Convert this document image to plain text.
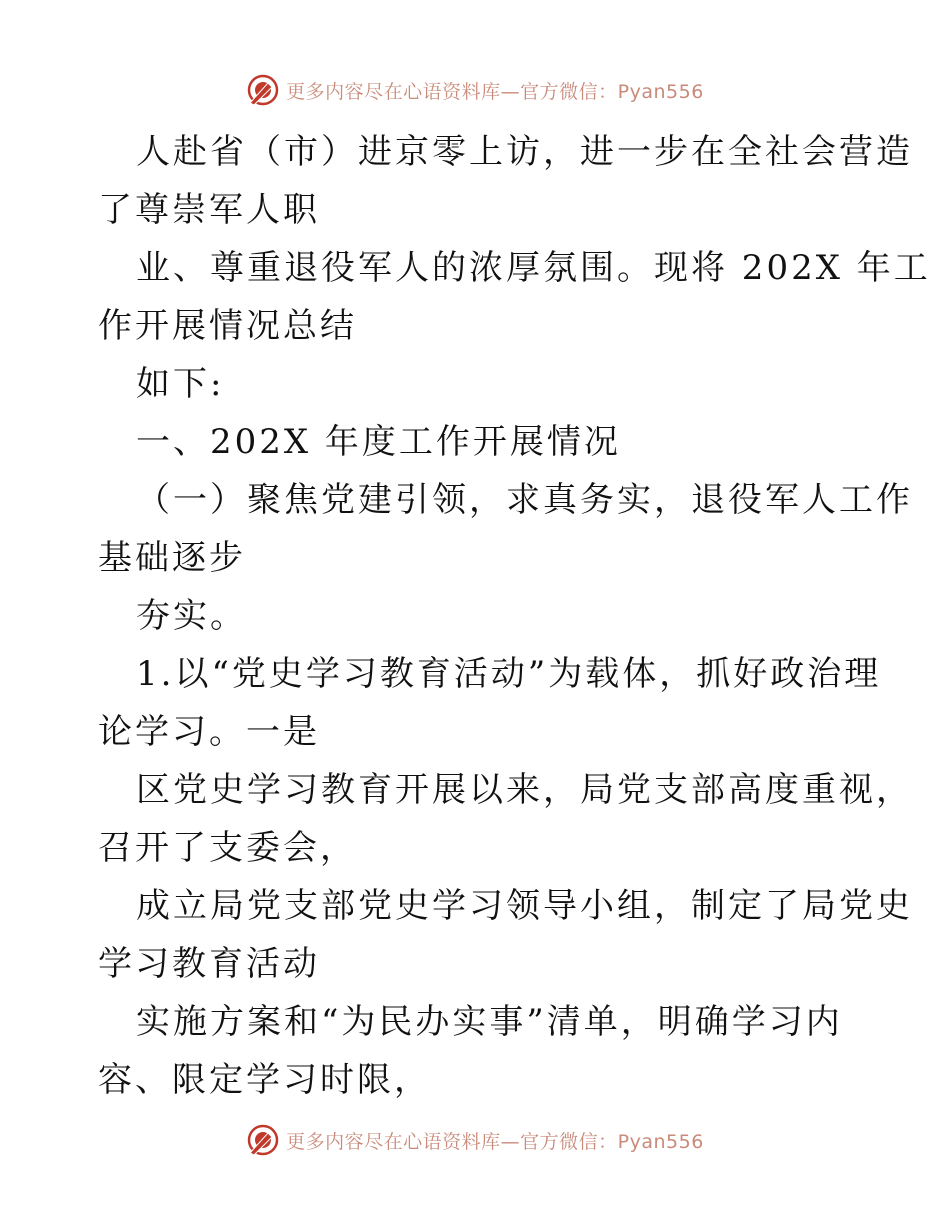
更多内容尽在心语资料库—官方微信：Pyan556
人赴省（市）进京零上访，进一步在全社会营造
了尊崇军人职
业、尊重退役军人的浓厚氛围。现将 202X 年工
作开展情况总结
如下:
一、202X 年度工作开展情况
（一）聚焦党建引领，求真务实，退役军人工作
基础逐步
夯实。
1.以“党史学习教育活动”为载体，抓好政治理
论学习。一是
区党史学习教育开展以来，局党支部高度重视，
召开了支委会，
成立局党支部党史学习领导小组，制定了局党史
学习教育活动
实施方案和“为民办实事”清单，明确学习内
容、限定学习时限，
更多内容尽在心语资料库—官方微信：Pyan556
